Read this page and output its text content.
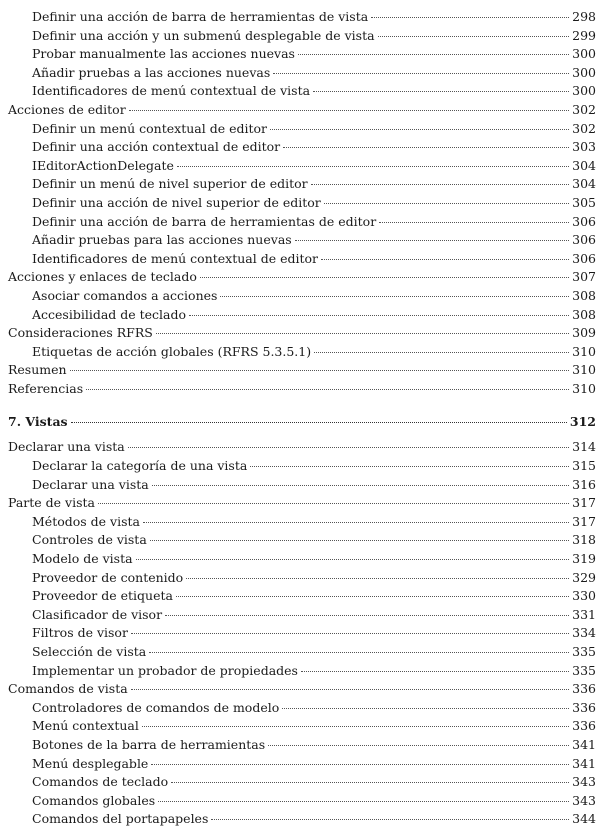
Definir una acción de barra de herramientas de vista	298
Definir una acción y un submenú desplegable de vista	299
Probar manualmente las acciones nuevas	300
Añadir pruebas a las acciones nuevas	300
Identificadores de menú contextual de vista	300
Acciones de editor	302
Definir un menú contextual de editor	302
Definir una acción contextual de editor	303
IEditorActionDelegate	304
Definir un menú de nivel superior de editor	304
Definir una acción de nivel superior de editor	305
Definir una acción de barra de herramientas de editor	306
Añadir pruebas para las acciones nuevas	306
Identificadores de menú contextual de editor	306
Acciones y enlaces de teclado	307
Asociar comandos a acciones	308
Accesibilidad de teclado	308
Consideraciones RFRS	309
Etiquetas de acción globales (RFRS 5.3.5.1)	310
Resumen	310
Referencias	310
7. Vistas	312
Declarar una vista	314
Declarar la categoría de una vista	315
Declarar una vista	316
Parte de vista	317
Métodos de vista	317
Controles de vista	318
Modelo de vista	319
Proveedor de contenido	329
Proveedor de etiqueta	330
Clasificador de visor	331
Filtros de visor	334
Selección de vista	335
Implementar un probador de propiedades	335
Comandos de vista	336
Controladores de comandos de modelo	336
Menú contextual	336
Botones de la barra de herramientas	341
Menú desplegable	341
Comandos de teclado	343
Comandos globales	343
Comandos del portapapeles	344
